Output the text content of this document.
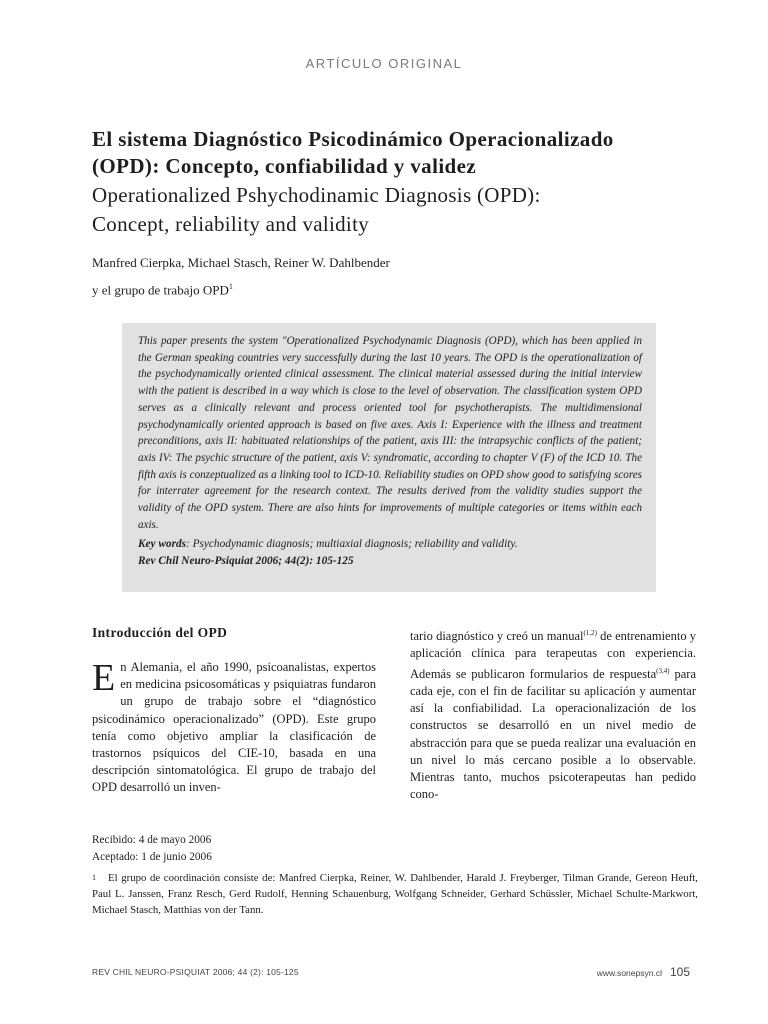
ARTÍCULO ORIGINAL
El sistema Diagnóstico Psicodinámico Operacionalizado
(OPD): Concepto, confiabilidad y validez
Operationalized Pshychodinamic Diagnosis (OPD):
Concept, reliability and validity
Manfred Cierpka, Michael Stasch, Reiner W. Dahlbender
y el grupo de trabajo OPD$^1$

This paper presents the system "Operationalized Psychodynamic Diagnosis (OPD), which has been applied in the German speaking countries very successfully during the last 10 years. The OPD is the operationalization of the psychodynamically oriented clinical assessment. The clinical material assessed during the initial interview with the patient is described in a way which is close to the level of observation. The classification system OPD serves as a clinically relevant and process oriented tool for psychotherapists. The multidimensional psychodynamically oriented approach is based on five axes. Axis I: Experience with the illness and treatment preconditions, axis II: habituated relationships of the patient, axis III: the intrapsychic conflicts of the patient; axis IV: The psychic structure of the patient, axis V: syndromatic, according to chapter V (F) of the ICD 10. The fifth axis is conzeptualized as a linking tool to ICD-10. Reliability studies on OPD show good to satisfying scores for interrater agreement for the research context. The results derived from the validity studies support the validity of the OPD system. There are also hints for improvements of multiple categories or items within each axis.

Key words: Psychodynamic diagnosis; multiaxial diagnosis; reliability and validity.
Rev Chil Neuro-Psiquiat 2006; 44(2): 105-125
Introducción del OPD

En Alemania, el año 1990, psicoanalistas, expertos en medicina psicosomáticas y psiquiatras fundaron un grupo de trabajo sobre el “diagnóstico psicodinámico operacionalizado” (OPD). Este grupo tenía como objetivo ampliar la clasificación de trastornos psíquicos del CIE-10, basada en una descripción sintomatológica. El grupo de trabajo del OPD desarrolló un inven-

tario diagnóstico y creó un manual$^{(1,2)}$ de entrenamiento y aplicación clínica para terapeutas con experiencia. Además se publicaron formularios de respuesta$^{(3,4)}$ para cada eje, con el fin de facilitar su aplicación y aumentar así la confiabilidad. La operacionalización de los constructos se desarrolló en un nivel medio de abstracción para que se pueda realizar una evaluación en un nivel lo más cercano posible a lo observable. Mientras tanto, muchos psicoterapeutas han pedido cono-

Recibido: 4 de mayo 2006
Aceptado: 1 de junio 2006
$^1$ El grupo de coordinación consiste de: Manfred Cierpka, Reiner, W. Dahlbender, Harald J. Freyberger, Tilman Grande, Gereon Heuft, Paul L. Janssen, Franz Resch, Gerd Rudolf, Henning Schauenburg, Wolfgang Schneider, Gerhard Schüssler, Michael Schulte-Markwort, Michael Stasch, Matthias von der Tann.
REV CHIL NEURO-PSIQUIAT 2006; 44 (2): 105-125	www.sonepsyn.cl 105
